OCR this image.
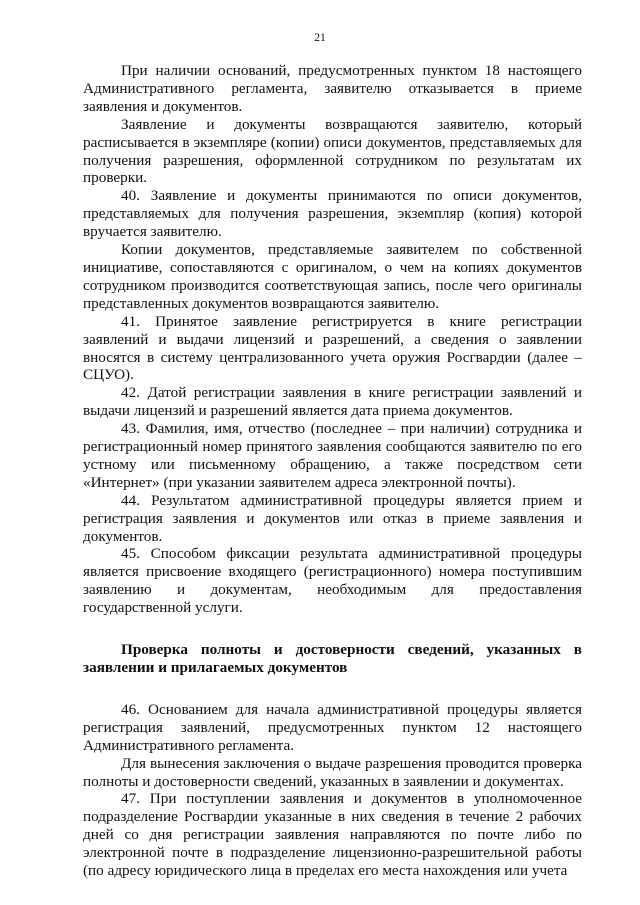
21

При наличии оснований, предусмотренных пунктом 18 настоящего Административного регламента, заявителю отказывается в приеме заявления и документов.

Заявление и документы возвращаются заявителю, который расписывается в экземпляре (копии) описи документов, представляемых для получения разрешения, оформленной сотрудником по результатам их проверки.

40. Заявление и документы принимаются по описи документов, представляемых для получения разрешения, экземпляр (копия) которой вручается заявителю.

Копии документов, представляемые заявителем по собственной инициативе, сопоставляются с оригиналом, о чем на копиях документов сотрудником производится соответствующая запись, после чего оригиналы представленных документов возвращаются заявителю.

41. Принятое заявление регистрируется в книге регистрации заявлений и выдачи лицензий и разрешений, а сведения о заявлении вносятся в систему централизованного учета оружия Росгвардии (далее – СЦУО).

42. Датой регистрации заявления в книге регистрации заявлений и выдачи лицензий и разрешений является дата приема документов.

43. Фамилия, имя, отчество (последнее – при наличии) сотрудника и регистрационный номер принятого заявления сообщаются заявителю по его устному или письменному обращению, а также посредством сети «Интернет» (при указании заявителем адреса электронной почты).

44. Результатом административной процедуры является прием и регистрация заявления и документов или отказ в приеме заявления и документов.

45. Способом фиксации результата административной процедуры является присвоение входящего (регистрационного) номера поступившим заявлению и документам, необходимым для предоставления государственной услуги.

Проверка полноты и достоверности сведений, указанных в заявлении и прилагаемых документов

46. Основанием для начала административной процедуры является регистрация заявлений, предусмотренных пунктом 12 настоящего Административного регламента.

Для вынесения заключения о выдаче разрешения проводится проверка полноты и достоверности сведений, указанных в заявлении и документах.

47. При поступлении заявления и документов в уполномоченное подразделение Росгвардии указанные в них сведения в течение 2 рабочих дней со дня регистрации заявления направляются по почте либо по электронной почте в подразделение лицензионно-разрешительной работы (по адресу юридического лица в пределах его места нахождения или учета
